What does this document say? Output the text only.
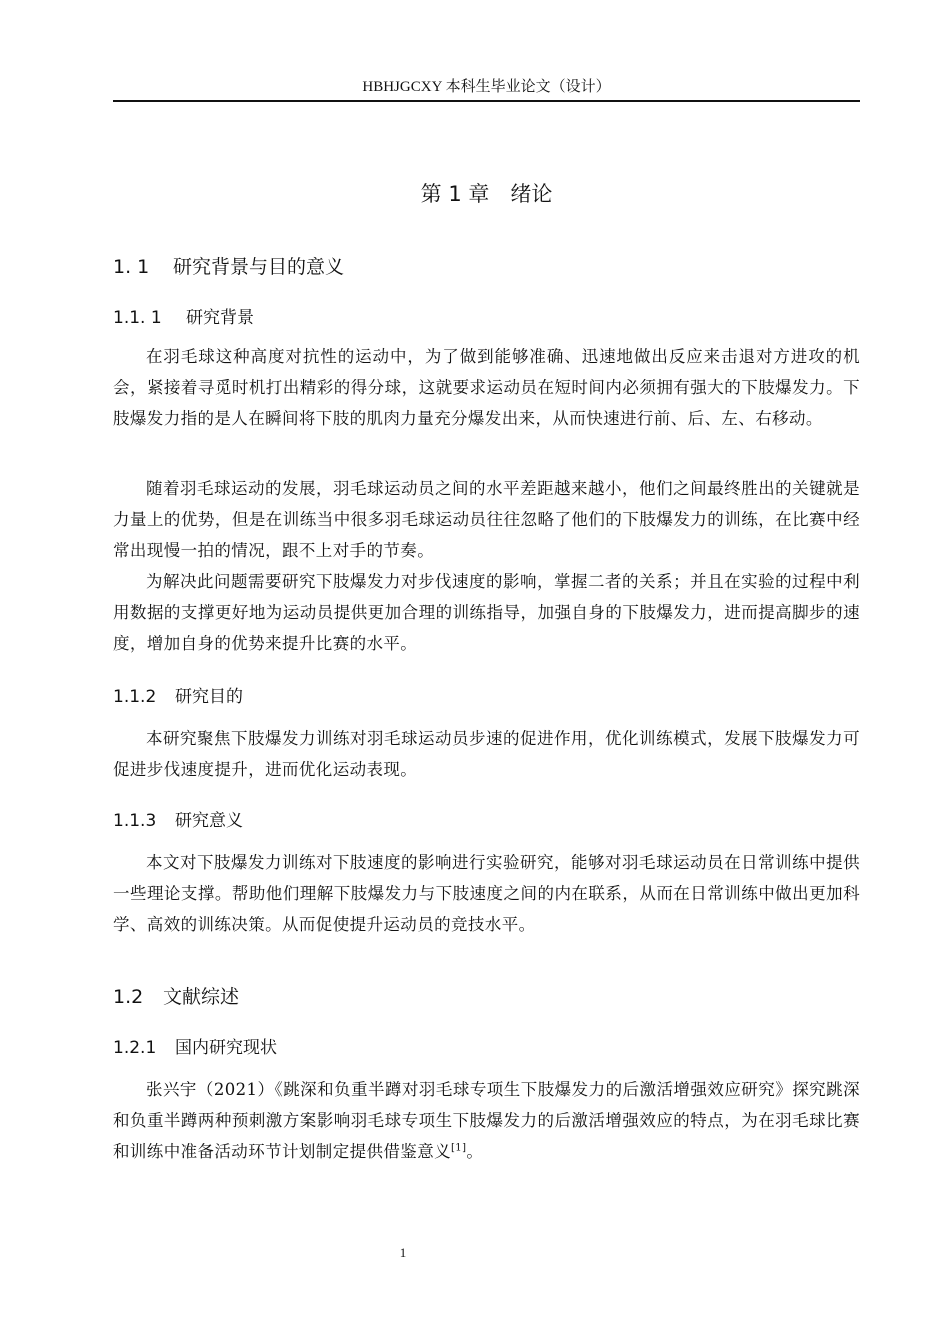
HBHJGCXY 本科生毕业论文（设计）
第 1 章　绪论
1. 1 研究背景与目的意义
1.1. 1 研究背景
在羽毛球这种高度对抗性的运动中，为了做到能够准确、迅速地做出反应来击退对方进攻的机会，紧接着寻觅时机打出精彩的得分球，这就要求运动员在短时间内必须拥有强大的下肢爆发力。下肢爆发力指的是人在瞬间将下肢的肌肉力量充分爆发出来，从而快速进行前、后、左、右移动。
随着羽毛球运动的发展，羽毛球运动员之间的水平差距越来越小，他们之间最终胜出的关键就是力量上的优势，但是在训练当中很多羽毛球运动员往往忽略了他们的下肢爆发力的训练，在比赛中经常出现慢一拍的情况，跟不上对手的节奏。
为解决此问题需要研究下肢爆发力对步伐速度的影响，掌握二者的关系；并且在实验的过程中利用数据的支撑更好地为运动员提供更加合理的训练指导，加强自身的下肢爆发力，进而提高脚步的速度，增加自身的优势来提升比赛的水平。
1.1.2 研究目的
本研究聚焦下肢爆发力训练对羽毛球运动员步速的促进作用，优化训练模式，发展下肢爆发力可促进步伐速度提升，进而优化运动表现。
1.1.3 研究意义
本文对下肢爆发力训练对下肢速度的影响进行实验研究，能够对羽毛球运动员在日常训练中提供一些理论支撑。帮助他们理解下肢爆发力与下肢速度之间的内在联系，从而在日常训练中做出更加科学、高效的训练决策。从而促使提升运动员的竞技水平。
1.2 文献综述
1.2.1 国内研究现状
张兴宇（2021）《跳深和负重半蹲对羽毛球专项生下肢爆发力的后激活增强效应研究》探究跳深和负重半蹲两种预刺激方案影响羽毛球专项生下肢爆发力的后激活增强效应的特点，为在羽毛球比赛和训练中准备活动环节计划制定提供借鉴意义[1]。
1
